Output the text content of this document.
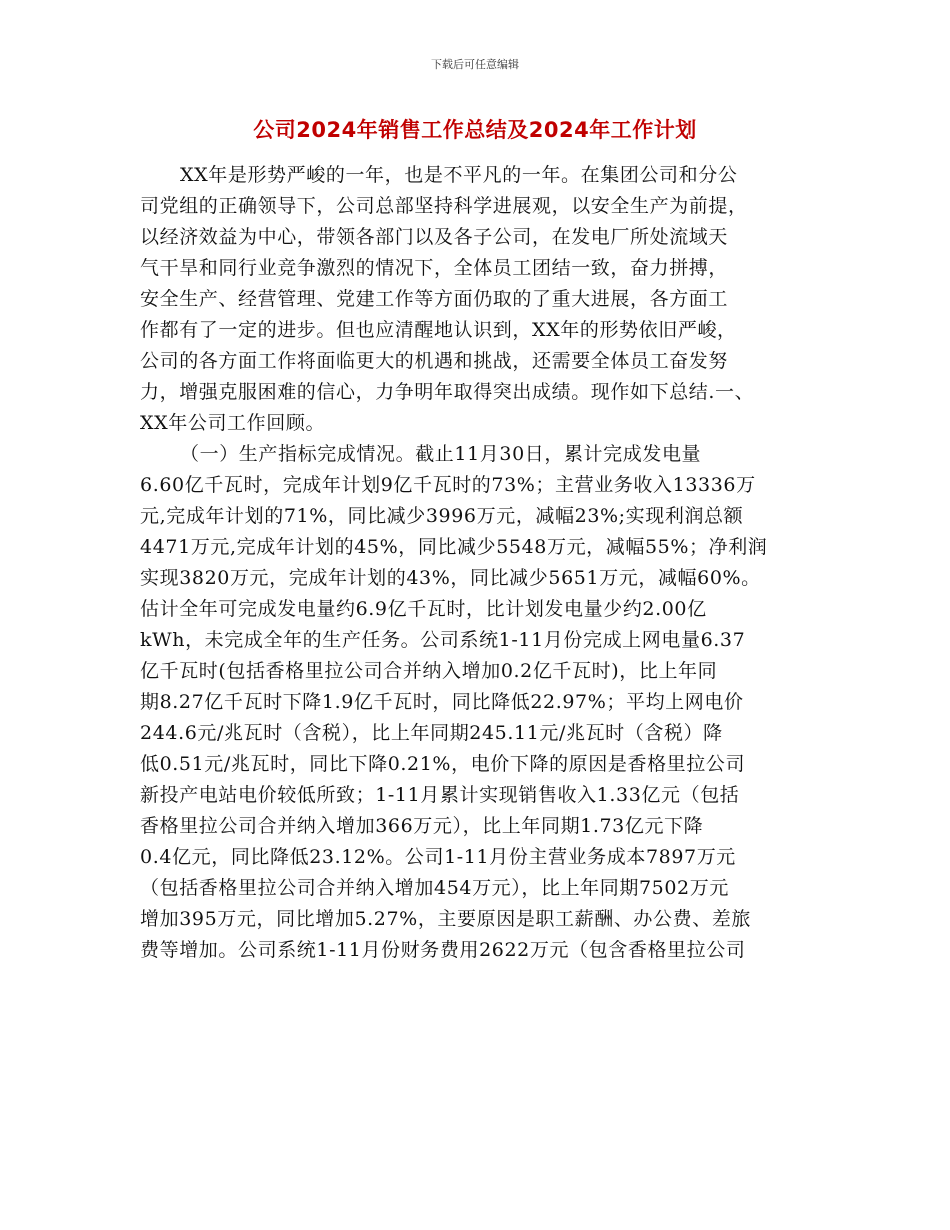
下载后可任意编辑
公司2024年销售工作总结及2024年工作计划
XX年是形势严峻的一年，也是不平凡的一年。在集团公司和分公
司党组的正确领导下，公司总部坚持科学进展观，以安全生产为前提，
以经济效益为中心，带领各部门以及各子公司，在发电厂所处流域天
气干旱和同行业竞争激烈的情况下，全体员工团结一致，奋力拼搏，
安全生产、经营管理、党建工作等方面仍取的了重大进展，各方面工
作都有了一定的进步。但也应清醒地认识到，XX年的形势依旧严峻，
公司的各方面工作将面临更大的机遇和挑战，还需要全体员工奋发努
力，增强克服困难的信心，力争明年取得突出成绩。现作如下总结.一、
XX年公司工作回顾。
（一）生产指标完成情况。截止11月30日，累计完成发电量
6.60亿千瓦时，完成年计划9亿千瓦时的73%；主营业务收入13336万
元,完成年计划的71%，同比减少3996万元，减幅23%;实现利润总额
4471万元,完成年计划的45%，同比减少5548万元，减幅55%；净利润
实现3820万元，完成年计划的43%，同比减少5651万元，减幅60%。
估计全年可完成发电量约6.9亿千瓦时，比计划发电量少约2.00亿
kWh，未完成全年的生产任务。公司系统1-11月份完成上网电量6.37
亿千瓦时(包括香格里拉公司合并纳入增加0.2亿千瓦时)，比上年同
期8.27亿千瓦时下降1.9亿千瓦时，同比降低22.97%；平均上网电价
244.6元/兆瓦时（含税），比上年同期245.11元/兆瓦时（含税）降
低0.51元/兆瓦时，同比下降0.21%，电价下降的原因是香格里拉公司
新投产电站电价较低所致；1-11月累计实现销售收入1.33亿元（包括
香格里拉公司合并纳入增加366万元），比上年同期1.73亿元下降
0.4亿元，同比降低23.12%。公司1-11月份主营业务成本7897万元
（包括香格里拉公司合并纳入增加454万元），比上年同期7502万元
增加395万元，同比增加5.27%，主要原因是职工薪酬、办公费、差旅
费等增加。公司系统1-11月份财务费用2622万元（包含香格里拉公司
